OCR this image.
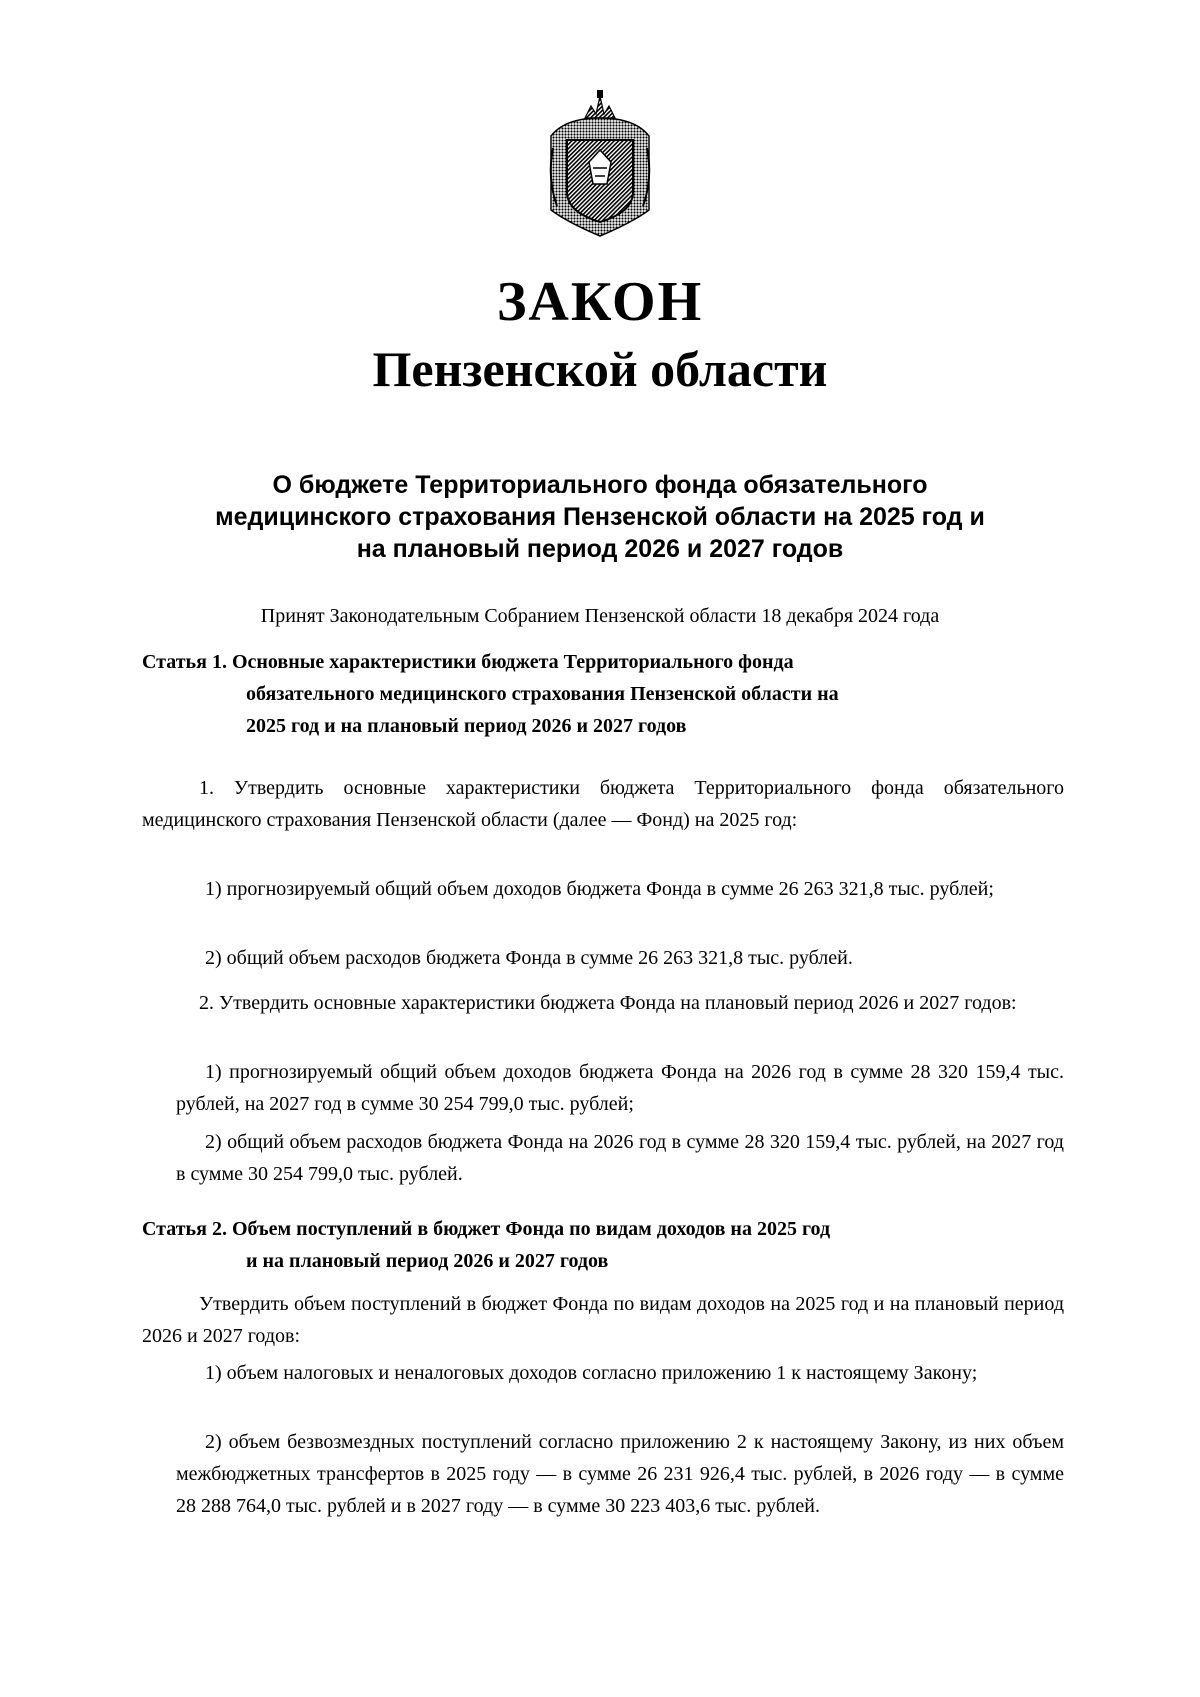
ЗАКОН
Пензенской области
О бюджете Территориального фонда обязательного
медицинского страхования Пензенской области на 2025 год и
на плановый период 2026 и 2027 годов
Принят Законодательным Собранием Пензенской области 18 декабря 2024 года
Статья 1. Основные характеристики бюджета Территориального фонда
обязательного медицинского страхования Пензенской области на
2025 год и на плановый период 2026 и 2027 годов

1. Утвердить основные характеристики бюджета Территориального фонда обязательного медицинского страхования Пензенской области (далее — Фонд) на 2025 год:

1) прогнозируемый общий объем доходов бюджета Фонда в сумме 26 263 321,8 тыс. рублей;

2) общий объем расходов бюджета Фонда в сумме 26 263 321,8 тыс. рублей.

2. Утвердить основные характеристики бюджета Фонда на плановый период 2026 и 2027 годов:

1) прогнозируемый общий объем доходов бюджета Фонда на 2026 год в сумме 28 320 159,4 тыс. рублей, на 2027 год в сумме 30 254 799,0 тыс. рублей;

2) общий объем расходов бюджета Фонда на 2026 год в сумме 28 320 159,4 тыс. рублей, на 2027 год в сумме 30 254 799,0 тыс. рублей.

Статья 2. Объем поступлений в бюджет Фонда по видам доходов на 2025 год
и на плановый период 2026 и 2027 годов

Утвердить объем поступлений в бюджет Фонда по видам доходов на 2025 год и на плановый период 2026 и 2027 годов:

1) объем налоговых и неналоговых доходов согласно приложению 1 к настоящему Закону;

2) объем безвозмездных поступлений согласно приложению 2 к настоящему Закону, из них объем межбюджетных трансфертов в 2025 году — в сумме 26 231 926,4 тыс. рублей, в 2026 году — в сумме 28 288 764,0 тыс. рублей и в 2027 году — в сумме 30 223 403,6 тыс. рублей.
